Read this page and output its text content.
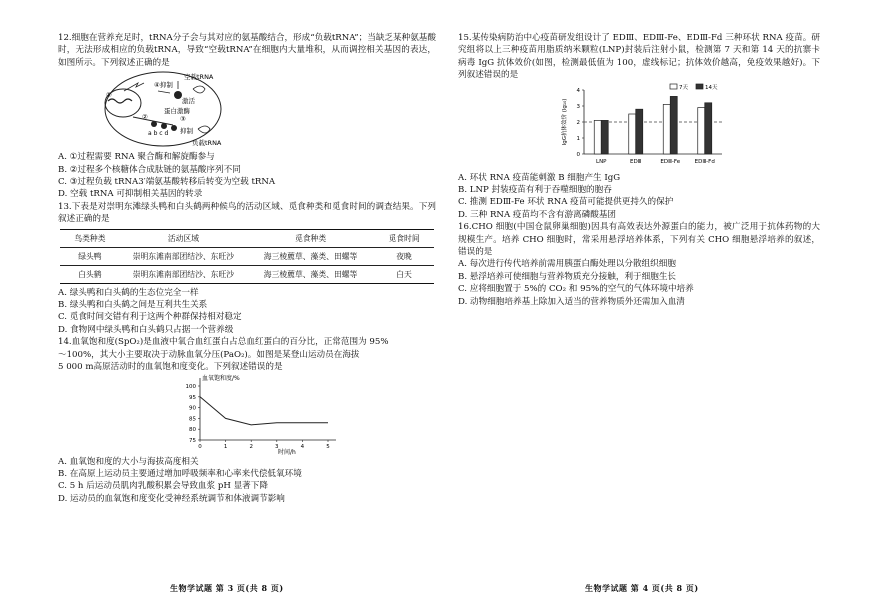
12.细胞在营养充足时，tRNA分子会与其对应的氨基酸结合，形成“负载tRNA”；当缺乏某种氨基酸时，无法形成相应的负载tRNA，导致“空载tRNA”在细胞内大量堆积，从而调控相关基因的表达，如图所示。下列叙述正确的是

空载tRNA
④抑制
激活
蛋白激酶
抑制
负载tRNA
①
②	③
a b c d

A. ①过程需要 RNA 聚合酶和解旋酶参与

B. ②过程多个核糖体合成肽链的氨基酸序列不同

C. ③过程负载 tRNA3′端氨基酸转移后转变为空载 tRNA

D. 空载 tRNA 可抑制相关基因的转录

13.下表是对崇明东滩绿头鸭和白头鹤两种候鸟的活动区域、觅食种类和觅食时间的调查结果。下列叙述正确的是

鸟类种类	活动区域	觅食种类	觅食时间
绿头鸭	崇明东滩南部团结沙、东旺沙	海三棱藨草、藻类、田螺等	夜晚
白头鹤	崇明东滩南部团结沙、东旺沙	海三棱藨草、藻类、田螺等	白天

A. 绿头鸭和白头鹤的生态位完全一样

B. 绿头鸭和白头鹤之间是互利共生关系

C. 觅食时间交错有利于这两个种群保持相对稳定

D. 食物网中绿头鸭和白头鹤只占据一个营养级

14.血氧饱和度(SpO₂)是血液中氧合血红蛋白占总血红蛋白的百分比，正常范围为 95%

～100%，其大小主要取决于动脉血氧分压(PaO₂)。如图是某登山运动员在海拔

5 000 m高原活动时的血氧饱和度变化。下列叙述错误的是

血氧饱和度/%
时间/h
75
80
85
90
95
100
0	1	2	3	4	5

A. 血氧饱和度的大小与海拔高度相关

B. 在高原上运动员主要通过增加呼吸频率和心率来代偿低氧环境

C. 5 h 后运动员肌肉乳酸积累会导致血浆 pH 显著下降

D. 运动员的血氧饱和度变化受神经系统调节和体液调节影响

15.某传染病防治中心疫苗研发组设计了 EDⅢ、EDⅢ-Fe、EDⅢ-Fd 三种环状 RNA 疫苗。研究组将以上三种疫苗用脂质纳米颗粒(LNP)封装后注射小鼠，检测第 7 天和第 14 天的抗寨卡病毒 IgG 抗体效价(如图，检测最低值为 100，虚线标记；抗体效价越高，免疫效果越好)。下列叙述错误的是

IgG抗体效价 (lg₁₀)
0
1
2
3
4
LNP	EDⅢ	EDⅢ-Fe	EDⅢ-Fd
7天	14天

A. 环状 RNA 疫苗能刺激 B 细胞产生 IgG

B. LNP 封装疫苗有利于吞噬细胞的胞吞

C. 推测 EDⅢ-Fe 环状 RNA 疫苗可能提供更持久的保护

D. 三种 RNA 疫苗均不含有游离磷酸基团

16.CHO 细胞(中国仓鼠卵巢细胞)因具有高效表达外源蛋白的能力，被广泛用于抗体药物的大规模生产。培养 CHO 细胞时，常采用悬浮培养体系，下列有关 CHO 细胞悬浮培养的叙述，错误的是

A. 每次进行传代培养前需用胰蛋白酶处理以分散组织细胞

B. 悬浮培养可使细胞与营养物质充分接触，利于细胞生长

C. 应将细胞置于 5%的 CO₂ 和 95%的空气的气体环境中培养

D. 动物细胞培养基上除加入适当的营养物质外还需加入血清

生物学试题 第 3 页(共 8 页)	生物学试题 第 4 页(共 8 页)
